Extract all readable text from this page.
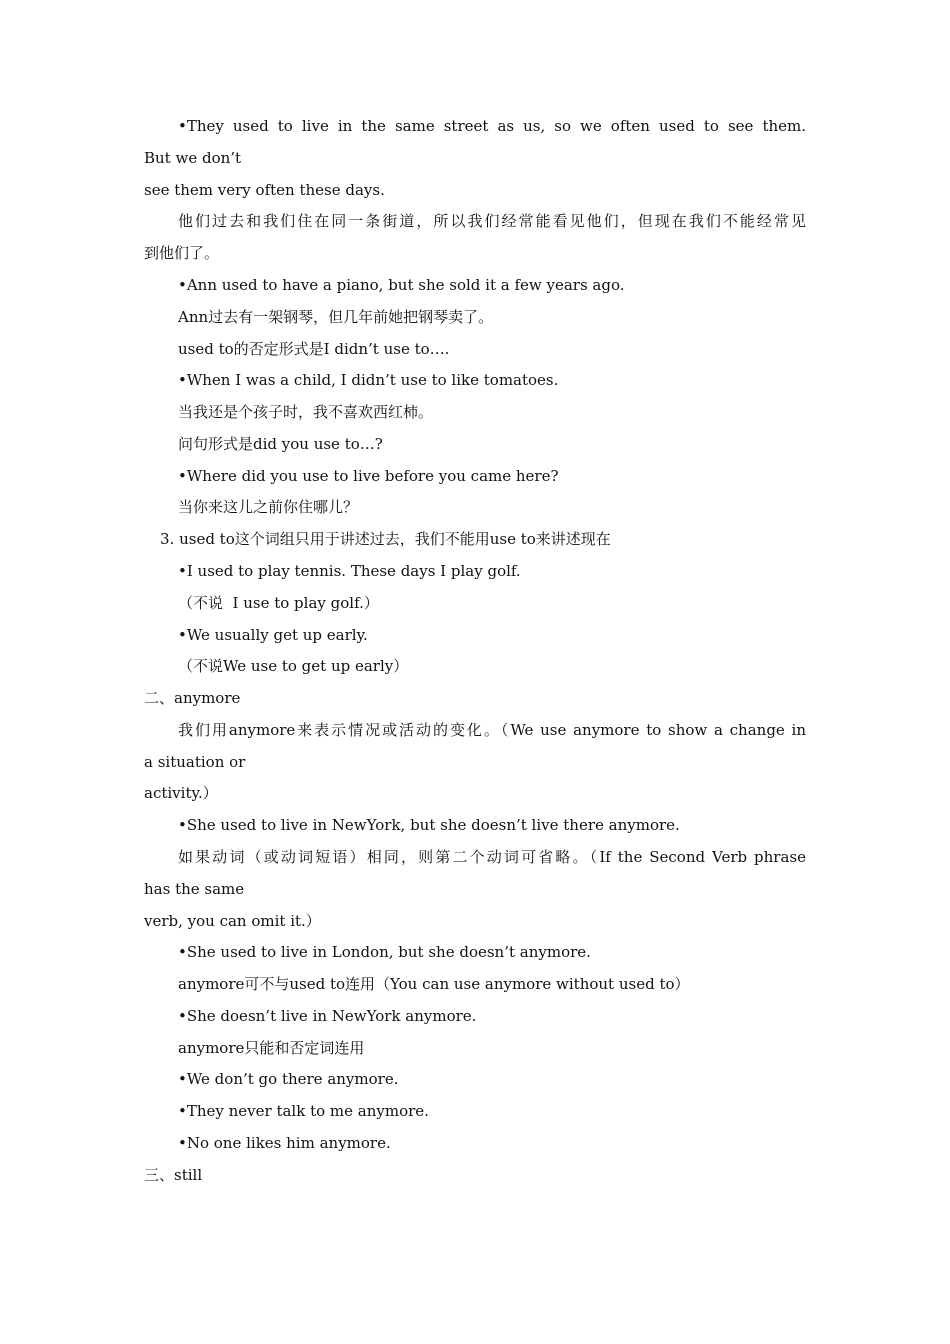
•They used to live in the same street as us, so we often used to see them.
But we don’t
see them very often these days.
他们过去和我们住在同一条街道，所以我们经常能看见他们，但现在我们不能经常见
到他们了。
•Ann used to have a piano, but she sold it a few years ago.
Ann过去有一架钢琴，但几年前她把钢琴卖了。
used to的否定形式是I didn’t use to….
•When I was a child, I didn’t use to like tomatoes.
当我还是个孩子时，我不喜欢西红柿。
问句形式是did you use to…?
•Where did you use to live before you came here?
当你来这儿之前你住哪儿？
3. used to这个词组只用于讲述过去，我们不能用use to来讲述现在
•I used to play tennis. These days I play golf.
（不说  I use to play golf.）
•We usually get up early.
（不说We use to get up early）
二、anymore
我们用anymore来表示情况或活动的变化。（We use anymore to show a change in
a situation or
activity.）
•She used to live in NewYork, but she doesn’t live there anymore.
如果动词（或动词短语）相同，则第二个动词可省略。（If the Second Verb phrase
has the same
verb, you can omit it.）
•She used to live in London, but she doesn’t anymore.
anymore可不与used to连用（You can use anymore without used to）
•She doesn’t live in NewYork anymore.
anymore只能和否定词连用
•We don’t go there anymore.
•They never talk to me anymore.
•No one likes him anymore.
三、still
